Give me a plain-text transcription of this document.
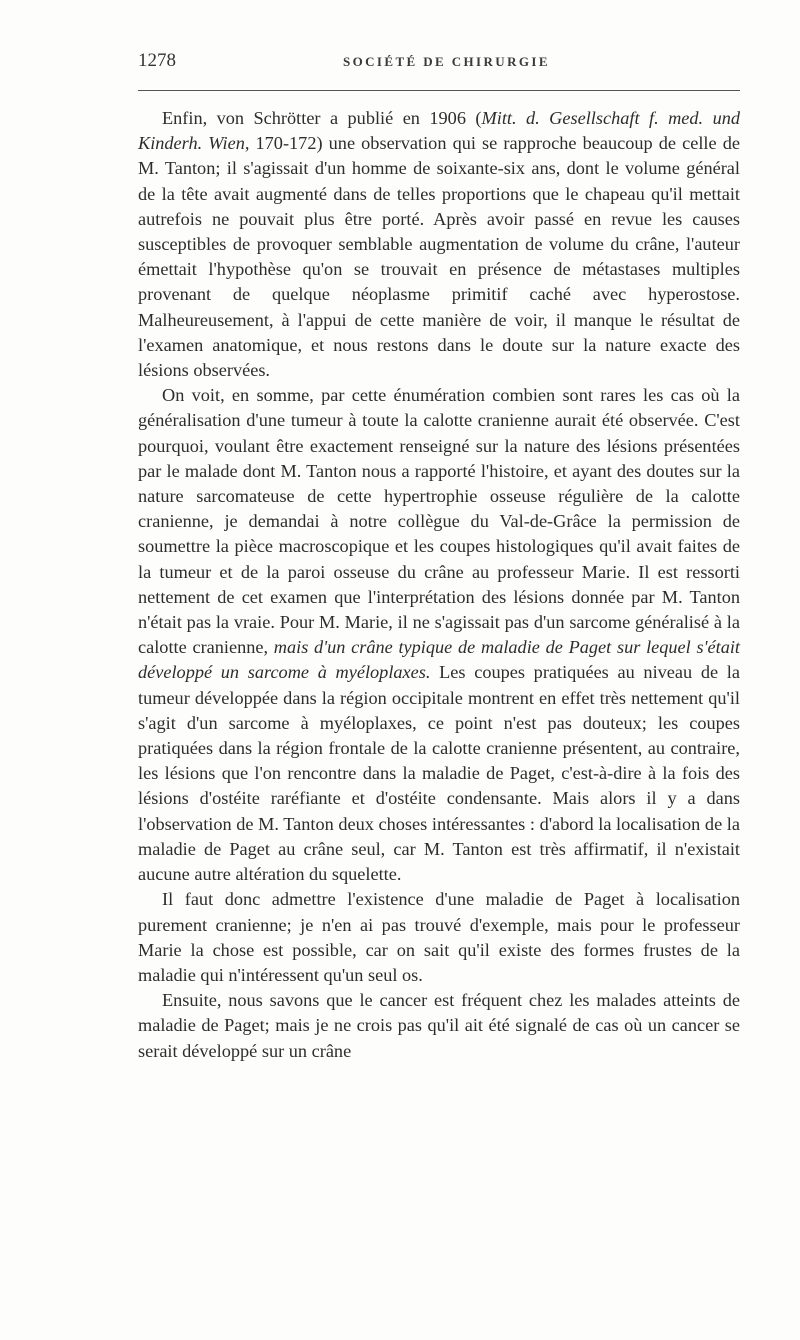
1278	SOCIÉTÉ DE CHIRURGIE

Enfin, von Schrötter a publié en 1906 (Mitt. d. Gesellschaft f. med. und Kinderh. Wien, 170-172) une observation qui se rapproche beaucoup de celle de M. Tanton; il s'agissait d'un homme de soixante-six ans, dont le volume général de la tête avait augmenté dans de telles proportions que le chapeau qu'il mettait autrefois ne pouvait plus être porté. Après avoir passé en revue les causes susceptibles de provoquer semblable augmentation de volume du crâne, l'auteur émettait l'hypothèse qu'on se trouvait en présence de métastases multiples provenant de quelque néoplasme primitif caché avec hyperostose. Malheureusement, à l'appui de cette manière de voir, il manque le résultat de l'examen anatomique, et nous restons dans le doute sur la nature exacte des lésions observées.

On voit, en somme, par cette énumération combien sont rares les cas où la généralisation d'une tumeur à toute la calotte cranienne aurait été observée. C'est pourquoi, voulant être exactement renseigné sur la nature des lésions présentées par le malade dont M. Tanton nous a rapporté l'histoire, et ayant des doutes sur la nature sarcomateuse de cette hypertrophie osseuse régulière de la calotte cranienne, je demandai à notre collègue du Val-de-Grâce la permission de soumettre la pièce macroscopique et les coupes histologiques qu'il avait faites de la tumeur et de la paroi osseuse du crâne au professeur Marie. Il est ressorti nettement de cet examen que l'interprétation des lésions donnée par M. Tanton n'était pas la vraie. Pour M. Marie, il ne s'agissait pas d'un sarcome généralisé à la calotte cranienne, mais d'un crâne typique de maladie de Paget sur lequel s'était développé un sarcome à myéloplaxes. Les coupes pratiquées au niveau de la tumeur développée dans la région occipitale montrent en effet très nettement qu'il s'agit d'un sarcome à myéloplaxes, ce point n'est pas douteux; les coupes pratiquées dans la région frontale de la calotte cranienne présentent, au contraire, les lésions que l'on rencontre dans la maladie de Paget, c'est-à-dire à la fois des lésions d'ostéite raréfiante et d'ostéite condensante. Mais alors il y a dans l'observation de M. Tanton deux choses intéressantes : d'abord la localisation de la maladie de Paget au crâne seul, car M. Tanton est très affirmatif, il n'existait aucune autre altération du squelette.

Il faut donc admettre l'existence d'une maladie de Paget à localisation purement cranienne; je n'en ai pas trouvé d'exemple, mais pour le professeur Marie la chose est possible, car on sait qu'il existe des formes frustes de la maladie qui n'intéressent qu'un seul os.

Ensuite, nous savons que le cancer est fréquent chez les malades atteints de maladie de Paget; mais je ne crois pas qu'il ait été signalé de cas où un cancer se serait développé sur un crâne
